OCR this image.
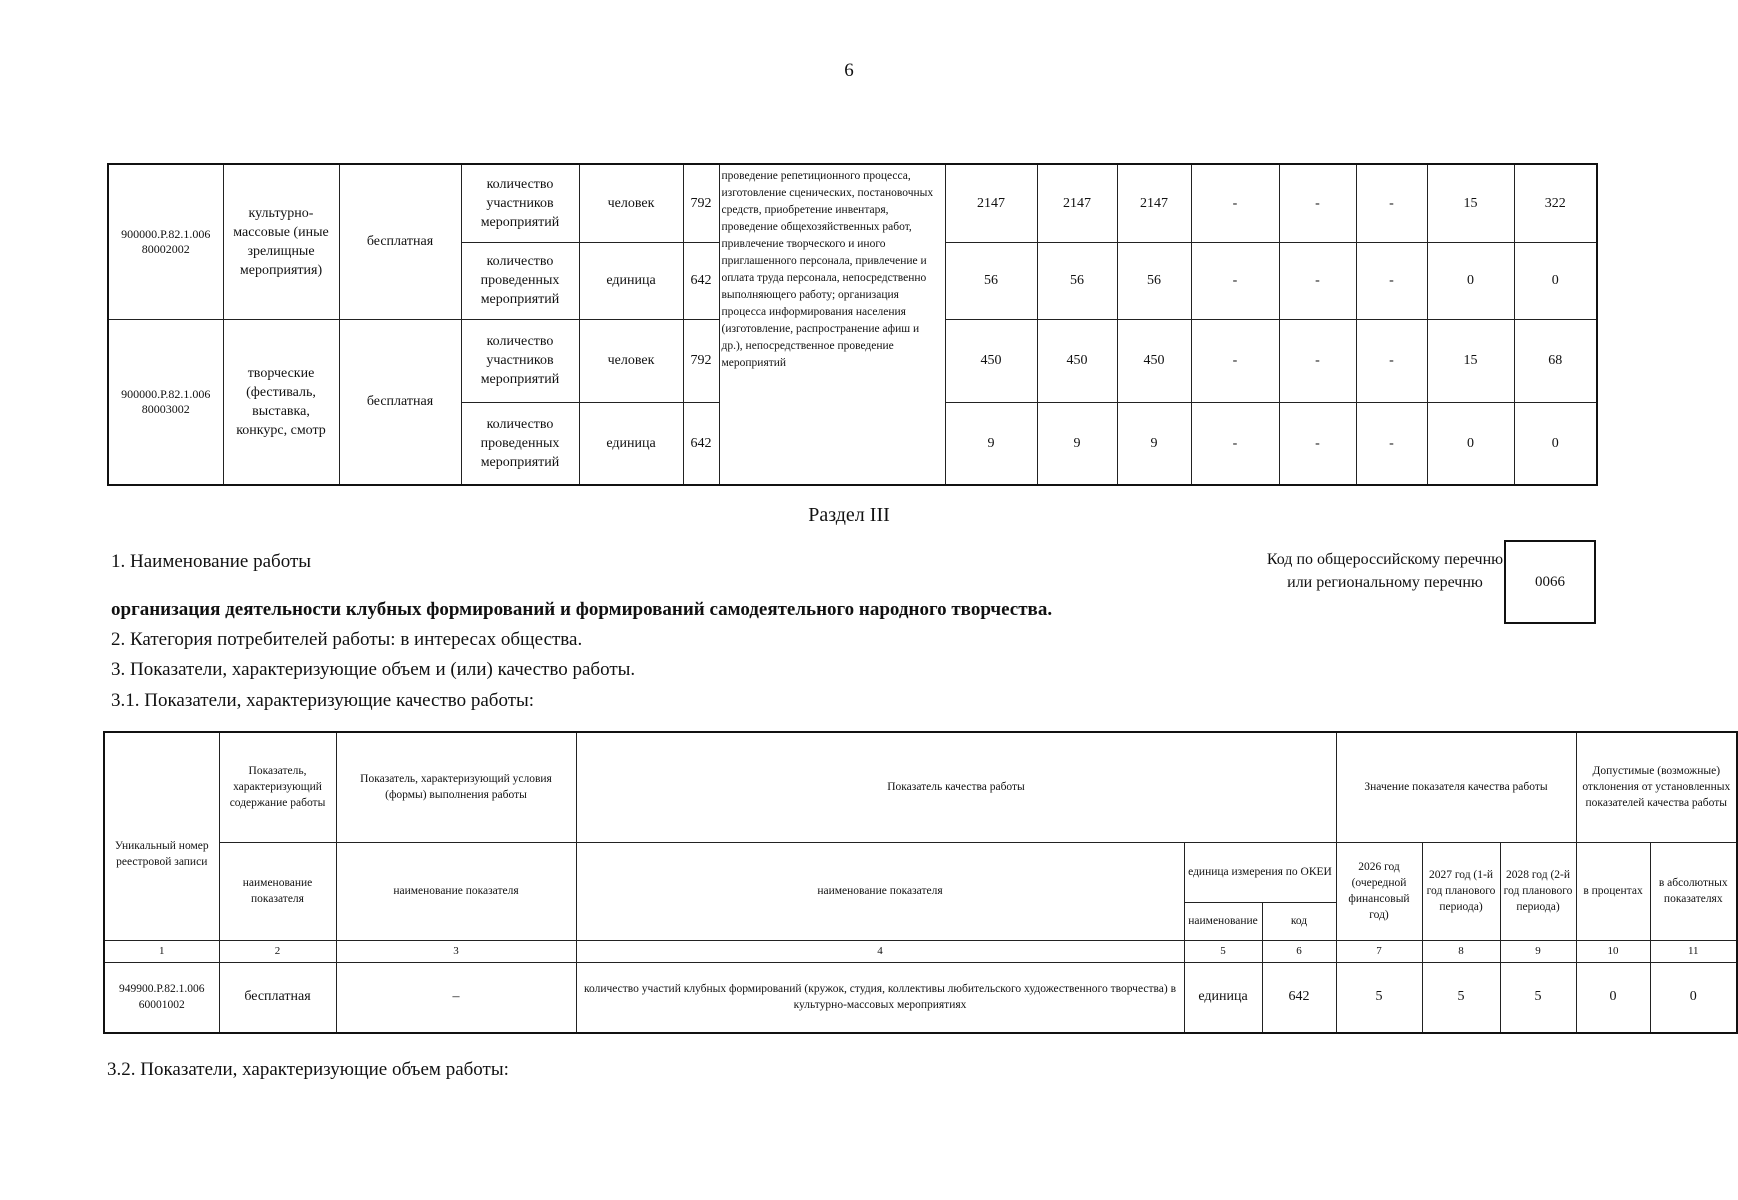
6
900000.Р.82.1.006 80002002	культурно-массовые (иные зрелищные мероприятия)	бесплатная	количество участников мероприятий	человек	792	проведение репетиционного процесса, изготовление сценических, постановочных средств, приобретение инвентаря, проведение общехозяйственных работ, привлечение творческого и иного приглашенного персонала, привлечение и оплата труда персонала, непосредственно выполняющего работу; организация процесса информирования населения (изготовление, распространение афиш и др.), непосредственное проведение мероприятий	2147	2147	2147	-	-	-	15	322
			количество проведенных мероприятий	единица	642		56	56	56	-	-	-	0	0
900000.Р.82.1.006 80003002	творческие (фестиваль, выставка, конкурс, смотр	бесплатная	количество участников мероприятий	человек	792		450	450	450	-	-	-	15	68
			количество проведенных мероприятий	единица	642		9	9	9	-	-	-	0	0
Раздел III
1. Наименование работы	Код по общероссийскому перечню или региональному перечню	0066
организация деятельности клубных формирований и формирований самодеятельного народного творчества.
2. Категория потребителей работы: в интересах общества.
3. Показатели, характеризующие объем и (или) качество работы.
3.1. Показатели, характеризующие качество работы:
Уникальный номер реестровой записи	Показатель, характеризующий содержание работы	Показатель, характеризующий условия (формы) выполнения работы	Показатель качества работы			Значение показателя качества работы			Допустимые (возможные) отклонения от установленных показателей качества работы	
	наименование показателя	наименование показателя	наименование показателя	единица измерения по ОКЕИ		2026 год (очередной финансовый год)	2027 год (1-й год планового периода)	2028 год (2-й год планового периода)	в процентах	в абсолютных показателях
				наименование	код					
1	2	3	4	5	6	7	8	9	10	11
949900.Р.82.1.006 60001002	бесплатная	–	количество участий клубных формирований (кружок, студия, коллективы любительского художественного творчества) в культурно-массовых мероприятиях	единица	642	5	5	5	0	0
3.2. Показатели, характеризующие объем работы:
